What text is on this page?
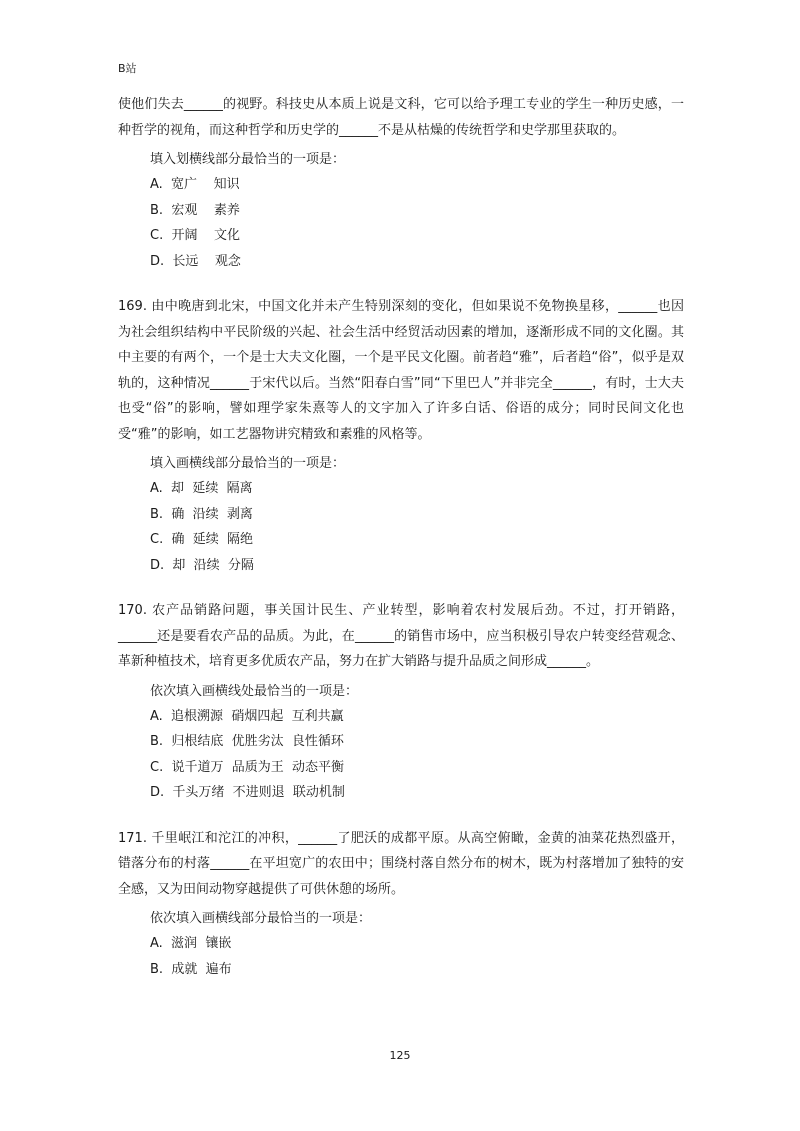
B站

使他们失去______的视野。科技史从本质上说是文科，它可以给予理工专业的学生一种历史感，一种哲学的视角，而这种哲学和历史学的______不是从枯燥的传统哲学和史学那里获取的。

填入划横线部分最恰当的一项是：

A.  宽广    知识
B.  宏观    素养
C.  开阔    文化
D.  长远    观念

169. 由中晚唐到北宋，中国文化并未产生特别深刻的变化，但如果说不免物换星移，______也因为社会组织结构中平民阶级的兴起、社会生活中经贸活动因素的增加，逐渐形成不同的文化圈。其中主要的有两个，一个是士大夫文化圈，一个是平民文化圈。前者趋“雅”，后者趋“俗”，似乎是双轨的，这种情况______于宋代以后。当然“阳春白雪”同“下里巴人”并非完全______，有时，士大夫也受“俗”的影响，譬如理学家朱熹等人的文字加入了许多白话、俗语的成分；同时民间文化也受“雅”的影响，如工艺器物讲究精致和素雅的风格等。

填入画横线部分最恰当的一项是：

A.  却  延续  隔离
B.  确  沿续  剥离
C.  确  延续  隔绝
D.  却  沿续  分隔

170. 农产品销路问题，事关国计民生、产业转型，影响着农村发展后劲。不过，打开销路，______还是要看农产品的品质。为此，在______的销售市场中，应当积极引导农户转变经营观念、革新种植技术，培育更多优质农产品，努力在扩大销路与提升品质之间形成______。

依次填入画横线处最恰当的一项是：

A.  追根溯源  硝烟四起  互利共赢
B.  归根结底  优胜劣汰  良性循环
C.  说千道万  品质为王  动态平衡
D.  千头万绪  不进则退  联动机制

171. 千里岷江和沱江的冲积，______了肥沃的成都平原。从高空俯瞰，金黄的油菜花热烈盛开，错落分布的村落______在平坦宽广的农田中；围绕村落自然分布的树木，既为村落增加了独特的安全感，又为田间动物穿越提供了可供休憩的场所。

依次填入画横线部分最恰当的一项是：

A.  滋润  镶嵌
B.  成就  遍布
125
